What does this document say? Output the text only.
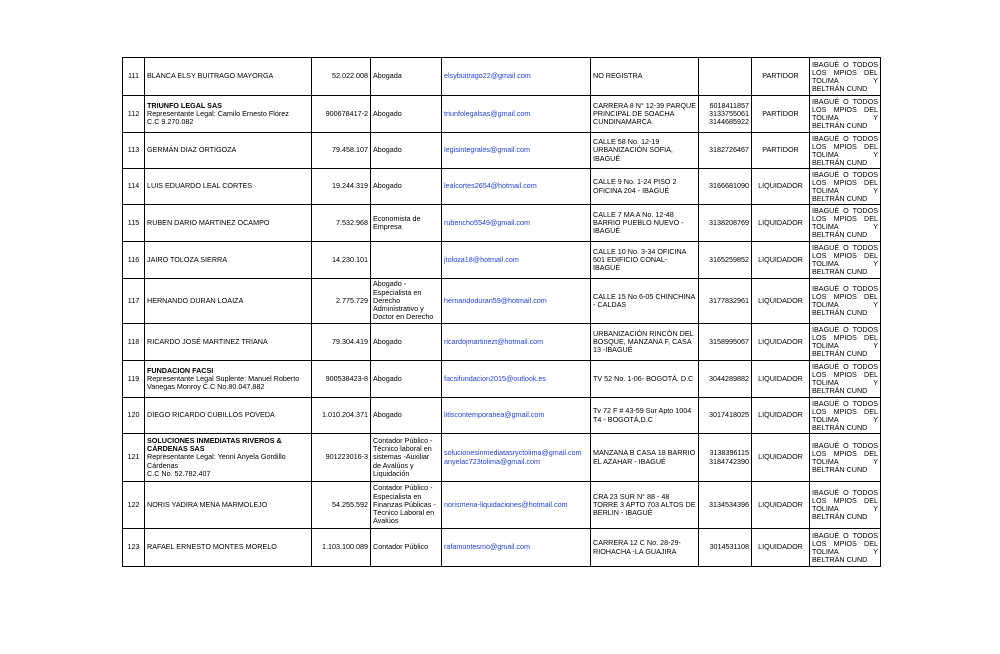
111	BLANCA ELSY BUITRAGO MAYORGA	52.022.008	Abogada	elsybuitrago22@gmail.com	NO REGISTRA		PARTIDOR	IBAGUÉ O TODOS LOS MPIOS DEL TOLIMA Y BELTRÁN CUND
112	TRIUNFO LEGAL SAS
Representante Legal: Camilo Ernesto Flórez
C.C 9.270.082	900678417-2	Abogado	triunfolegalsas@gmail.com	CARRERA 8 N° 12-39 PARQUE PRINCIPAL DE SOACHA CUNDINAMARCA	6018411857 3133755061 3144685922	PARTIDOR	IBAGUÉ O TODOS LOS MPIOS DEL TOLIMA Y BELTRÁN CUND
113	GERMÁN DIAZ ORTIGOZA	79.458.107	Abogado	legisintegrales@gmail.com	CALLE 58 No. 12-19 URBANIZACIÓN SOFIA, IBAGUÉ	3182726467	PARTIDOR	IBAGUÉ O TODOS LOS MPIOS DEL TOLIMA Y BELTRÁN CUND
114	LUIS EDUARDO LEAL CORTES	19.244.319	Abogado	lealcortes2654@hotmail.com	CALLE 9 No. 1-24 PISO 2 OFICINA 204 - IBAGUÉ	3166681090	LIQUIDADOR	IBAGUÉ O TODOS LOS MPIOS DEL TOLIMA Y BELTRÁN CUND
115	RUBEN DARIO MARTINEZ OCAMPO	7.532.968	Economista de Empresa	rubencho5549@gmail.com	CALLE 7 MA A No. 12-48 BARRIO PUEBLO NUEVO - IBAGUÉ	3138208769	LIQUIDADOR	IBAGUÉ O TODOS LOS MPIOS DEL TOLIMA Y BELTRÁN CUND
116	JAIRO TOLOZA SIERRA	14.230.101		jtoloza18@hotmail.com	CALLE 10 No. 3-34 OFICINA 501 EDIFICIO CONAL- IBAGUÉ	3165259852	LIQUIDADOR	IBAGUÉ O TODOS LOS MPIOS DEL TOLIMA Y BELTRÁN CUND
117	HERNANDO DURAN LOAIZA	2.775.729	Abogado - Especialista en Derecho Administrativo y Doctor en Derecho	hernandoduran59@hotmail.com	CALLE 15 No 6-05 CHINCHINA - CALDAS	3177832961	LIQUIDADOR	IBAGUÉ O TODOS LOS MPIOS DEL TOLIMA Y BELTRÁN CUND
118	RICARDO JOSÉ MARTINEZ TRIANA	79.304.419	Abogado	ricardojmartinezt@hotmail.com	URBANIZACIÓN RINCÓN DEL BOSQUE, MANZANA F, CASA 13 -IBAGUÉ	3158995067	LIQUIDADOR	IBAGUÉ O TODOS LOS MPIOS DEL TOLIMA Y BELTRÁN CUND
119	FUNDACION FACSI
Representante Legal Suplente: Manuel Roberto
Vanegas Monroy C.C No.80.047.882	900538423-8	Abogado	facsifundacion2015@outlook.es	TV 52 No. 1-06- BOGOTÁ. D.C	3044289882	LIQUIDADOR	IBAGUÉ O TODOS LOS MPIOS DEL TOLIMA Y BELTRÁN CUND
120	DIEGO RICARDO CUBILLOS POVEDA	1.010.204.371	Abogado	litiscontemporanea@gmail.com	Tv 72 F # 43-59 Sur Apto 1004 T4 - BOGOTÁ,D.C	3017418025	LIQUIDADOR	IBAGUÉ O TODOS LOS MPIOS DEL TOLIMA Y BELTRÁN CUND
121	SOLUCIONES INMEDIATAS RIVEROS & CÁRDENAS SAS
Representante Legal: Yenni Anyela Gordillo Cárdenas
C.C No. 52.782.407	901223016-3	Contador Público - Técnico laboral en sistemas -Auxiliar de Avalúos y Liquidación	solucionesinmediatasryctolima@gmail.com anyelac723tolima@gmail.com	MANZANA B CASA 18 BARRIO EL AZAHAR - IBAGUÉ	3138396115 3184742390	LIQUIDADOR	IBAGUÉ O TODOS LOS MPIOS DEL TOLIMA Y BELTRÁN CUND
122	NORIS YADIRA MENA MARMOLEJO	54.255.592	Contador Público - Especialista en Finanzas Públicas - Técnico Laboral en Avalúos	norismena-liquidaciones@hotmail.com	CRA 23 SUR N° 88 - 48 TORRE 3 APTO 703 ALTOS DE BERLIN - IBAGUÉ	3134534396	LIQUIDADOR	IBAGUÉ O TODOS LOS MPIOS DEL TOLIMA Y BELTRÁN CUND
123	RAFAEL ERNESTO MONTES MORELO	1.103.100.089	Contador Público	rafamontesmo@gmail.com	CARRERA 12 C No. 28-29- RIOHACHA -LA GUAJIRA	3014531108	LIQUIDADOR	IBAGUÉ O TODOS LOS MPIOS DEL TOLIMA Y BELTRÁN CUND
